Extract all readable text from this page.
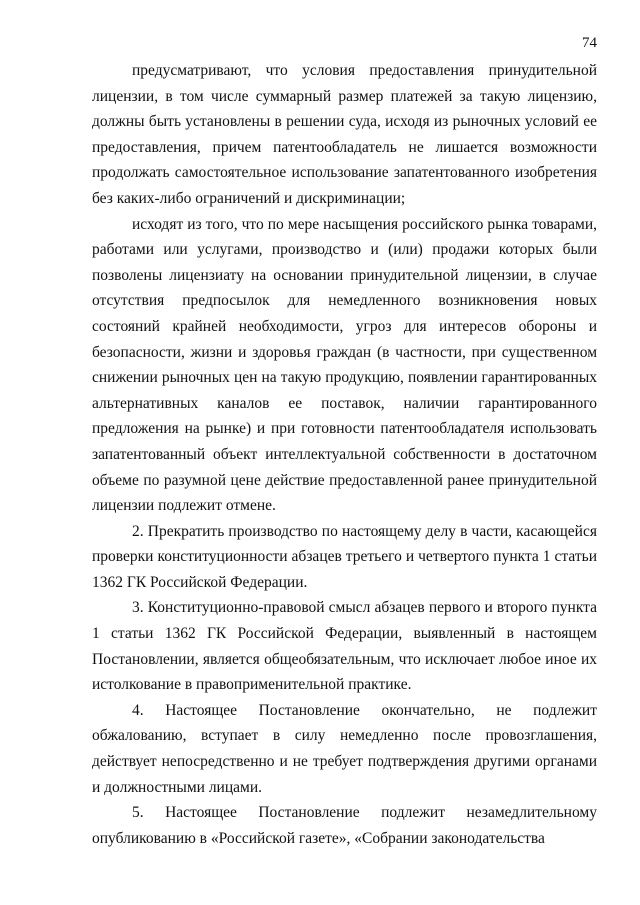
74

предусматривают, что условия предоставления принудительной лицензии, в том числе суммарный размер платежей за такую лицензию, должны быть установлены в решении суда, исходя из рыночных условий ее предоставления, причем патентообладатель не лишается возможности продолжать самостоятельное использование запатентованного изобретения без каких-либо ограничений и дискриминации;

исходят из того, что по мере насыщения российского рынка товарами, работами или услугами, производство и (или) продажи которых были позволены лицензиату на основании принудительной лицензии, в случае отсутствия предпосылок для немедленного возникновения новых состояний крайней необходимости, угроз для интересов обороны и безопасности, жизни и здоровья граждан (в частности, при существенном снижении рыночных цен на такую продукцию, появлении гарантированных альтернативных каналов ее поставок, наличии гарантированного предложения на рынке) и при готовности патентообладателя использовать запатентованный объект интеллектуальной собственности в достаточном объеме по разумной цене действие предоставленной ранее принудительной лицензии подлежит отмене.

2. Прекратить производство по настоящему делу в части, касающейся проверки конституционности абзацев третьего и четвертого пункта 1 статьи 1362 ГК Российской Федерации.

3. Конституционно-правовой смысл абзацев первого и второго пункта 1 статьи 1362 ГК Российской Федерации, выявленный в настоящем Постановлении, является общеобязательным, что исключает любое иное их истолкование в правоприменительной практике.

4. Настоящее Постановление окончательно, не подлежит обжалованию, вступает в силу немедленно после провозглашения, действует непосредственно и не требует подтверждения другими органами и должностными лицами.

5. Настоящее Постановление подлежит незамедлительному опубликованию в «Российской газете», «Собрании законодательства
